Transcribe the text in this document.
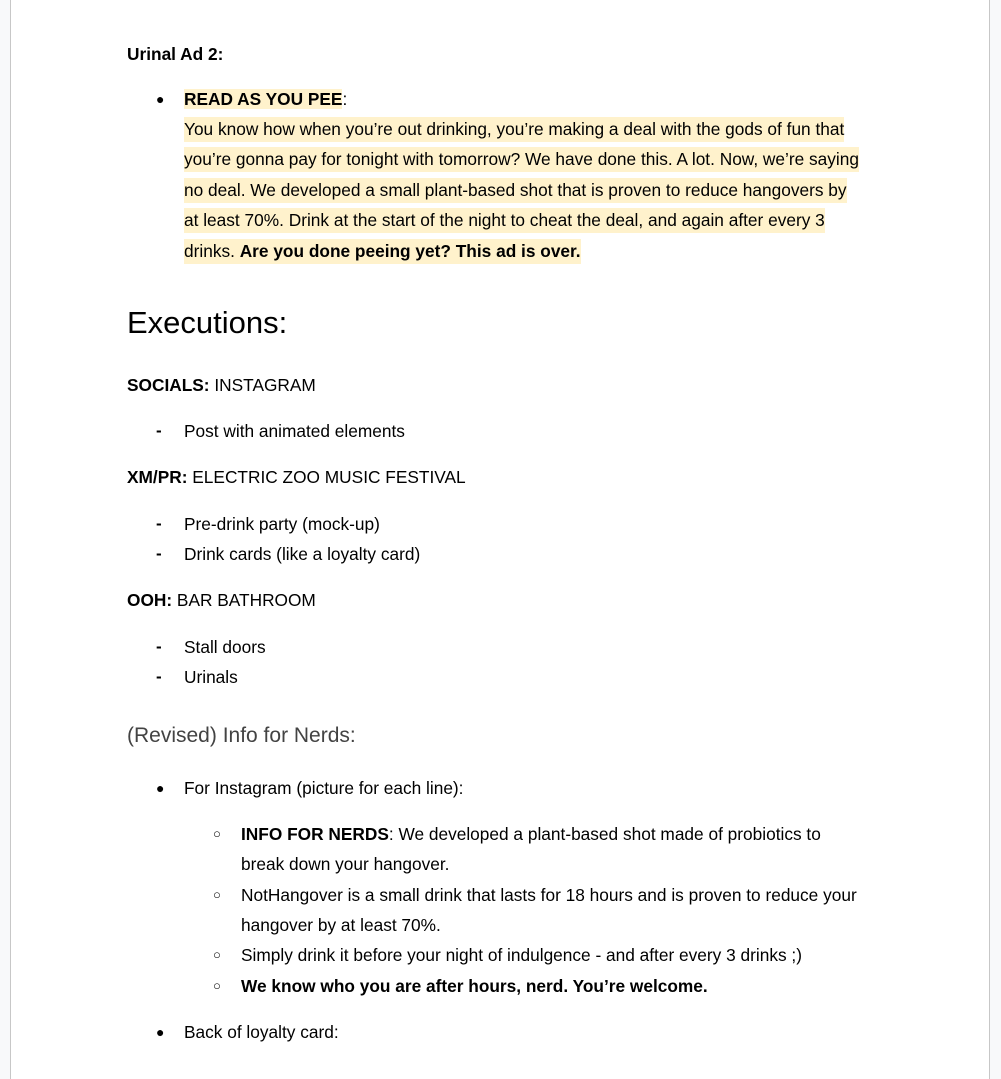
Urinal Ad 2:
● READ AS YOU PEE:
You know how when you’re out drinking, you’re making a deal with the gods of fun that
you’re gonna pay for tonight with tomorrow? We have done this. A lot. Now, we’re saying
no deal. We developed a small plant-based shot that is proven to reduce hangovers by
at least 70%. Drink at the start of the night to cheat the deal, and again after every 3
drinks. Are you done peeing yet? This ad is over.
Executions:
SOCIALS: INSTAGRAM
- Post with animated elements
XM/PR: ELECTRIC ZOO MUSIC FESTIVAL
- Pre-drink party (mock-up)
- Drink cards (like a loyalty card)
OOH: BAR BATHROOM
- Stall doors
- Urinals
(Revised) Info for Nerds:
● For Instagram (picture for each line):
○ INFO FOR NERDS: We developed a plant-based shot made of probiotics to
break down your hangover.
○ NotHangover is a small drink that lasts for 18 hours and is proven to reduce your
hangover by at least 70%.
○ Simply drink it before your night of indulgence - and after every 3 drinks ;)
○ We know who you are after hours, nerd. You’re welcome.
● Back of loyalty card:
